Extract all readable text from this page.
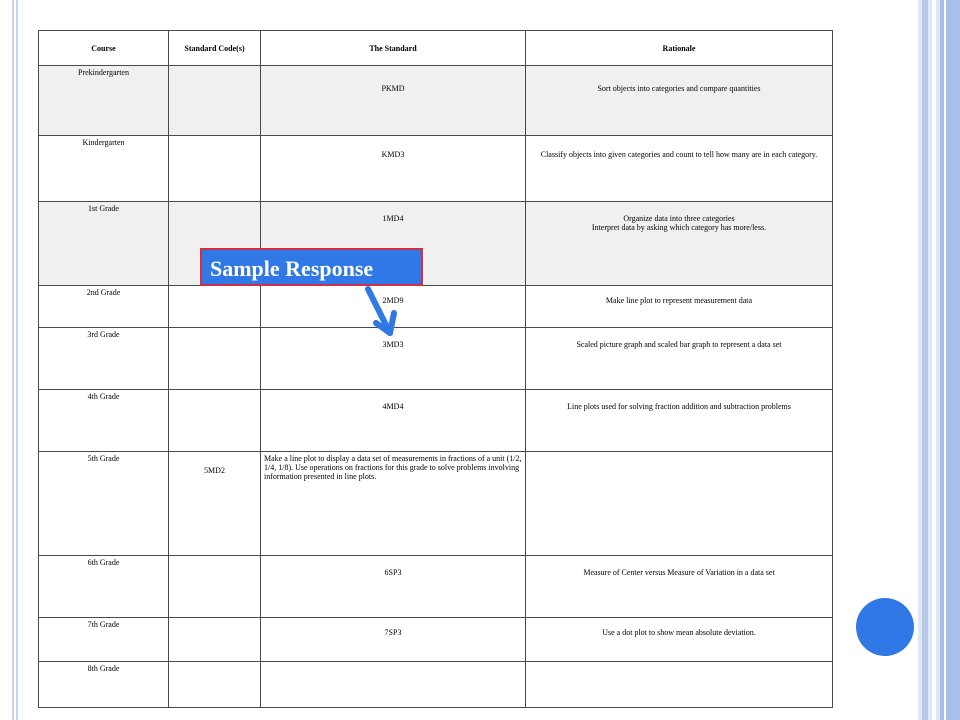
Course	Standard Code(s)	The Standard	Rationale
Prekindergarten		PKMD	Sort objects into categories and compare quantities
Kindergarten		KMD3	Classify objects into given categories and count to tell how many are in each category.
1st Grade		1MD4	Organize data into three categories
Interpret data by asking which category has more/less.
2nd Grade		2MD9	Make line plot to represent measurement data
3rd Grade		3MD3	Scaled picture graph and scaled bar graph to represent a data set
4th Grade		4MD4	Line plots used for solving fraction addition and subtraction problems
5th Grade	5MD2	Make a line plot to display a data set of measurements in fractions of a unit (1/2, 1/4, 1/8). Use operations on fractions for this grade to solve problems involving information presented in line plots.	
6th Grade		6SP3	Measure of Center versus Measure of Variation in a data set
7th Grade		7SP3	Use a dot plot to show mean absolute deviation.
8th Grade			
Sample Response
